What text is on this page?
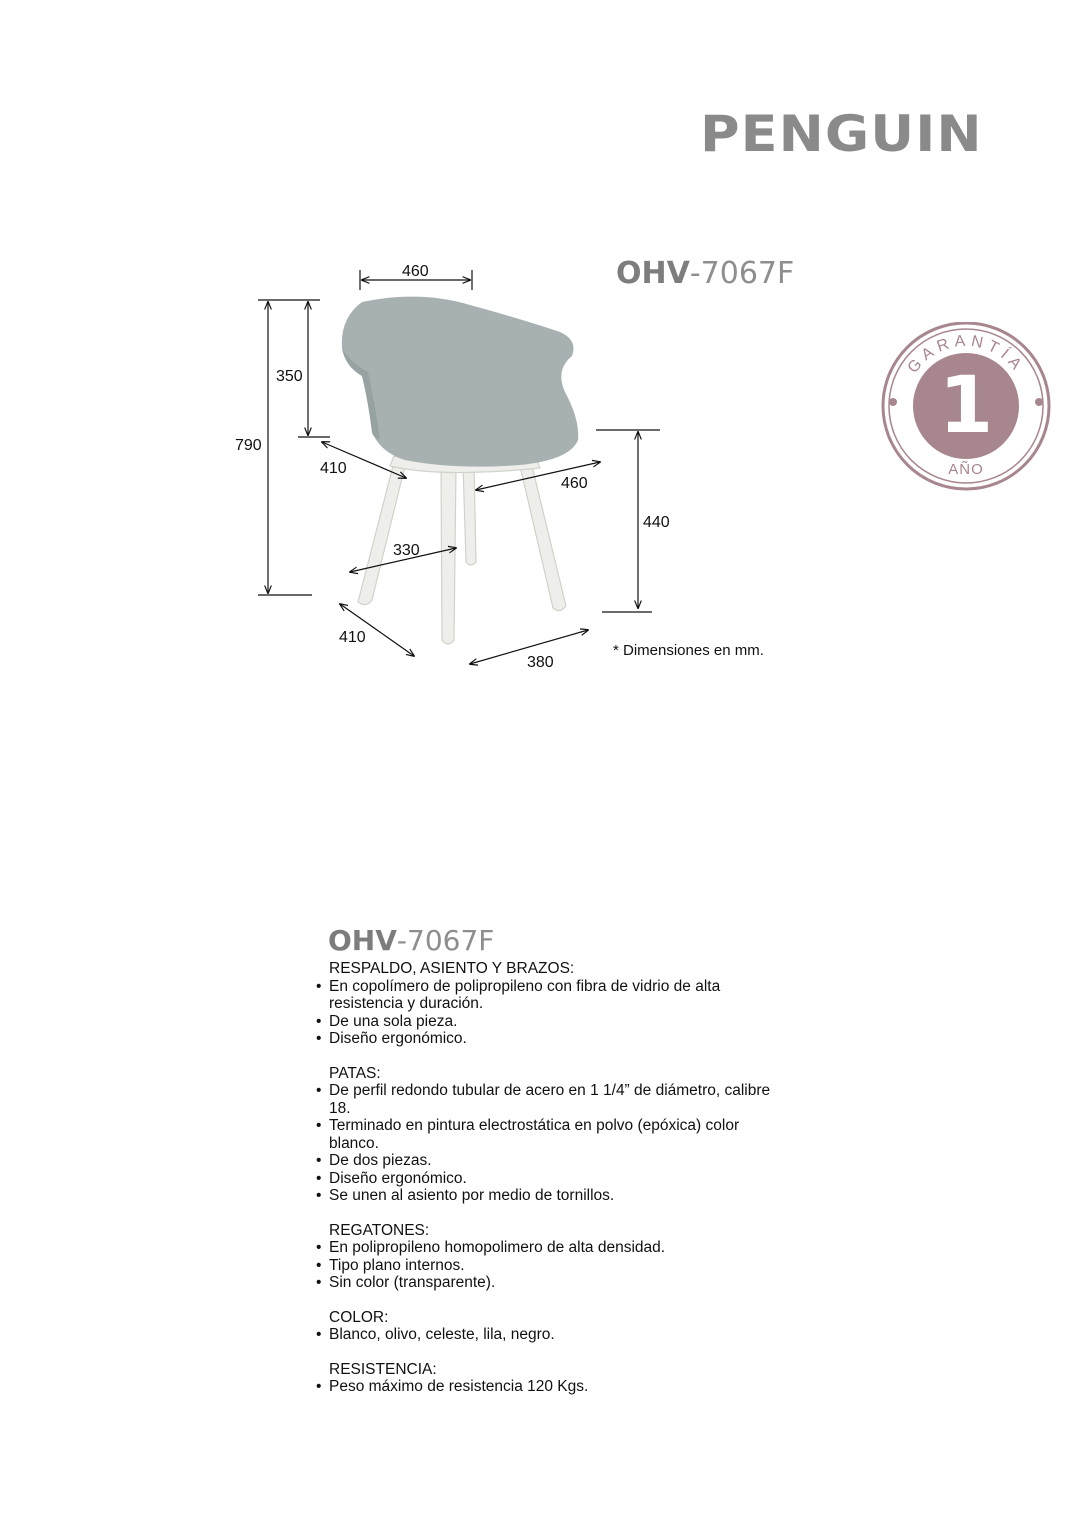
PENGUIN
OHV-7067F
460
350
790
410
460
440
330
410
380
* Dimensiones en mm.
GARANTÍA
1
AÑO
OHV-7067F
RESPALDO, ASIENTO Y BRAZOS:
• En copolímero de polipropileno con fibra de vidrio de alta resistencia y duración.
• De una sola pieza.
• Diseño ergonómico.
PATAS:
• De perfil redondo tubular de acero en 1 1/4” de diámetro, calibre 18.
• Terminado en pintura electrostática en polvo (epóxica) color blanco.
• De dos piezas.
• Diseño ergonómico.
• Se unen al asiento por medio de tornillos.
REGATONES:
• En polipropileno homopolimero de alta densidad.
• Tipo plano internos.
• Sin color (transparente).
COLOR:
• Blanco, olivo, celeste, lila, negro.
RESISTENCIA:
• Peso máximo de resistencia 120 Kgs.
